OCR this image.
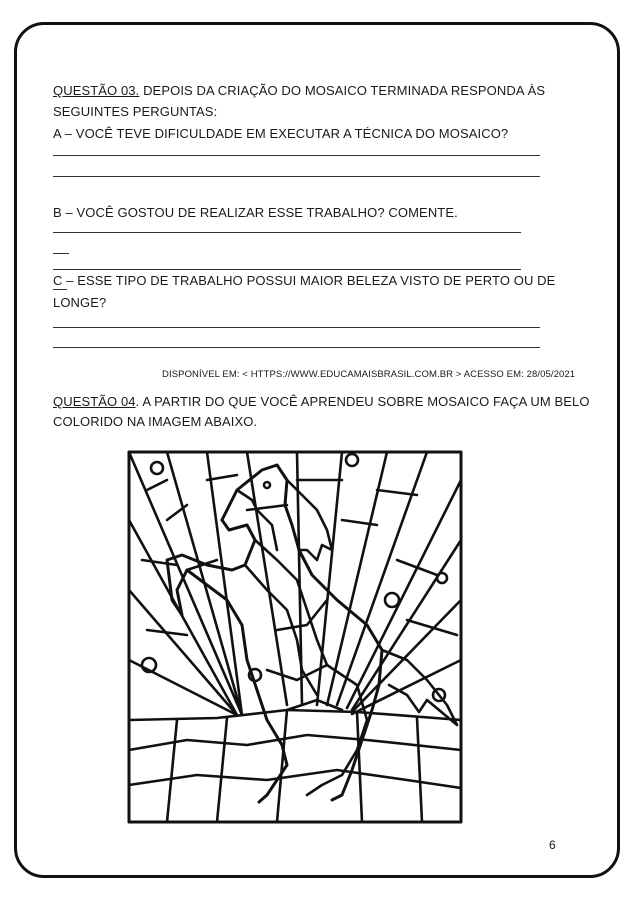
QUESTÃO 03. DEPOIS DA CRIAÇÃO DO MOSAICO TERMINADA RESPONDA ÀS
SEGUINTES PERGUNTAS:
A – VOCÊ TEVE DIFICULDADE EM EXECUTAR A TÉCNICA DO MOSAICO?
B – VOCÊ GOSTOU DE REALIZAR ESSE TRABALHO? COMENTE.
C – ESSE TIPO DE TRABALHO POSSUI MAIOR BELEZA VISTO DE PERTO OU DE
LONGE?
DISPONÍVEL EM: < HTTPS://WWW.EDUCAMAISBRASIL.COM.BR > ACESSO EM: 28/05/2021
QUESTÃO 04. A PARTIR DO QUE VOCÊ APRENDEU SOBRE MOSAICO FAÇA UM BELO
COLORIDO NA IMAGEM ABAIXO.
6
